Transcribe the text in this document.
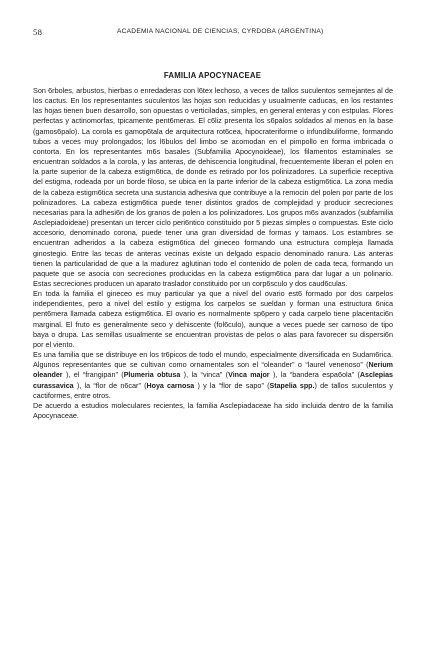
58	ACADEMIA NACIONAL DE CIENCIAS, CYRDOBA (ARGENTINA)
FAMILIA APOCYNACEAE

Son 6rboles, arbustos, hierbas o enredaderas con l6tex lechoso, a veces de tallos suculentos semejantes al de los cactus. En los representantes suculentos las hojas son reducidas y usualmente caducas, en los restantes las hojas tienen buen desarrollo, son opuestas o verticiladas, simples, en general enteras y con estpulas. Flores perfectas y actinomorfas, tpicamente pent6meras. El c6liz presenta los s6palos soldados al menos en la base (gamos6palo). La corola es gamop6tala de arquitectura rot6cea, hipocrateriforme o infundibuliforme, formando tubos a veces muy prolongados; los l6bulos del limbo se acomodan en el pimpollo en forma imbricada o contorta. En los representantes m6s basales (Subfamilia Apocynoideae), los filamentos estaminales se encuentran soldados a la corola, y las anteras, de dehiscencia longitudinal, frecuentemente liberan el polen en la parte superior de la cabeza estigm6tica, de donde es retirado por los polinizadores. La superficie receptiva del estigma, rodeada por un borde filoso, se ubica en la parte inferior de la cabeza estigm6tica. La zona media de la cabeza estigm6tica secreta una sustancia adhesiva que contribuye a la remocin del polen por parte de los polinizadores. La cabeza estigm6tica puede tener distintos grados de complejidad y producir secreciones necesarias para la adhesi6n de los granos de polen a los polinizadores. Los grupos m6s avanzados (subfamilia Asclepiadoideae) presentan un tercer ciclo peri6ntico constituido por 5 piezas simples o compuestas. Este ciclo accesorio, denominado corona, puede tener una gran diversidad de formas y tamaos. Los estambres se encuentran adheridos a la cabeza estigm6tica del gineceo formando una estructura compleja llamada ginostegio. Entre las tecas de anteras vecinas existe un delgado espacio denominado ranura. Las anteras tienen la particularidad de que a la madurez aglutinan todo el contenido de polen de cada teca, formando un paquete que se asocia con secreciones producidas en la cabeza estigm6tica para dar lugar a un polinario. Estas secreciones producen un aparato traslador constituido por un corp6sculo y dos caud6culas.

En toda la familia el gineceo es muy particular ya que a nivel del ovario est6 formado por dos carpelos independientes, pero a nivel del estilo y estigma los carpelos se sueldan y forman una estructura 6nica pent6mera llamada cabeza estigm6tica. El ovario es normalmente sp6pero y cada carpelo tiene placentaci6n marginal. El fruto es generalmente seco y dehiscente (fol6culo), aunque a veces puede ser carnoso de tipo baya o drupa. Las semillas usualmente se encuentran provistas de pelos o alas para favorecer su dispersi6n por el viento.

Es una familia que se distribuye en los tr6picos de todo el mundo, especialmente diversificada en Sudam6rica. Algunos representantes que se cultivan como ornamentales son el “oleander” o “laurel venenoso” (Nerium oleander ), el “frangipan” (Plumeria obtusa ), la “vinca” (Vinca major ), la “bandera espa6ola” (Asclepias curassavica ), la “flor de n6car” (Hoya carnosa ) y la “flor de sapo” (Stapelia spp.) de tallos suculentos y cactiformes, entre otros.

De acuerdo a estudios moleculares recientes, la familia Asclepiadaceae ha sido incluida dentro de la familia Apocynaceae.
